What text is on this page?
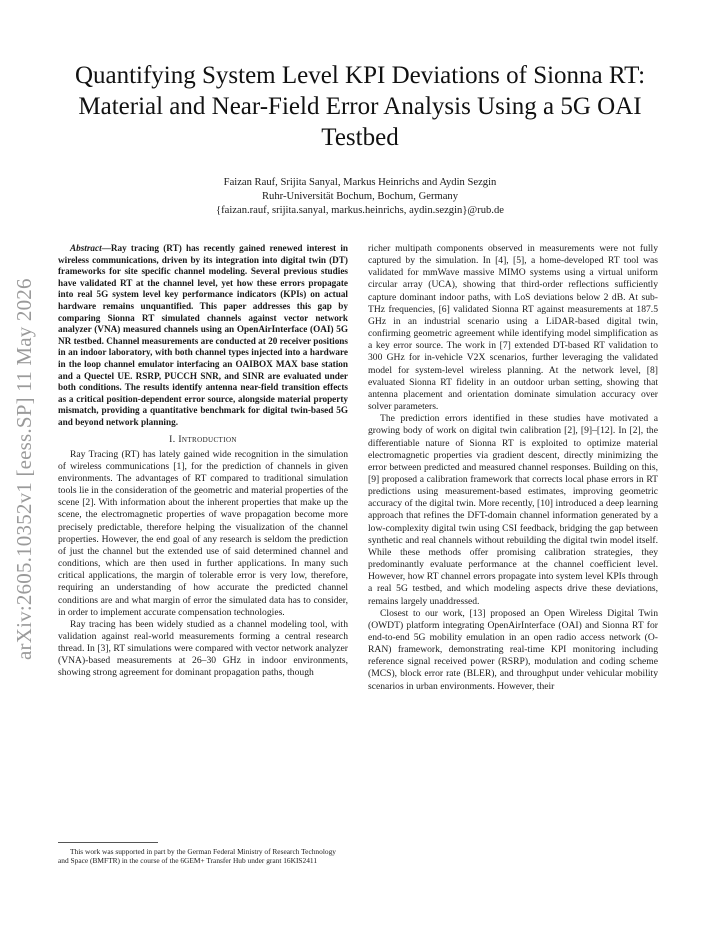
Quantifying System Level KPI Deviations of Sionna RT: Material and Near-Field Error Analysis Using a 5G OAI Testbed
Faizan Rauf, Srijita Sanyal, Markus Heinrichs and Aydin Sezgin
Ruhr-Universität Bochum, Bochum, Germany
{faizan.rauf, srijita.sanyal, markus.heinrichs, aydin.sezgin}@rub.de
arXiv:2605.10352v1 [eess.SP] 11 May 2026

Abstract—Ray tracing (RT) has recently gained renewed interest in wireless communications, driven by its integration into digital twin (DT) frameworks for site specific channel modeling. Several previous studies have validated RT at the channel level, yet how these errors propagate into real 5G system level key performance indicators (KPIs) on actual hardware remains unquantified. This paper addresses this gap by comparing Sionna RT simulated channels against vector network analyzer (VNA) measured channels using an OpenAirInterface (OAI) 5G NR testbed. Channel measurements are conducted at 20 receiver positions in an indoor laboratory, with both channel types injected into a hardware in the loop channel emulator interfacing an OAIBOX MAX base station and a Quectel UE. RSRP, PUCCH SNR, and SINR are evaluated under both conditions. The results identify antenna near-field transition effects as a critical position-dependent error source, alongside material property mismatch, providing a quantitative benchmark for digital twin-based 5G and beyond network planning.

I. Introduction

Ray Tracing (RT) has lately gained wide recognition in the simulation of wireless communications [1], for the prediction of channels in given environments. The advantages of RT compared to traditional simulation tools lie in the consideration of the geometric and material properties of the scene [2]. With information about the inherent properties that make up the scene, the electromagnetic properties of wave propagation become more precisely predictable, therefore helping the visualization of the channel properties. However, the end goal of any research is seldom the prediction of just the channel but the extended use of said determined channel and conditions, which are then used in further applications. In many such critical applications, the margin of tolerable error is very low, therefore, requiring an understanding of how accurate the predicted channel conditions are and what margin of error the simulated data has to consider, in order to implement accurate compensation technologies.

Ray tracing has been widely studied as a channel modeling tool, with validation against real-world measurements forming a central research thread. In [3], RT simulations were compared with vector network analyzer (VNA)-based measurements at 26–30 GHz in indoor environments, showing strong agreement for dominant propagation paths, though

richer multipath components observed in measurements were not fully captured by the simulation. In [4], [5], a home-developed RT tool was validated for mmWave massive MIMO systems using a virtual uniform circular array (UCA), showing that third-order reflections sufficiently capture dominant indoor paths, with LoS deviations below 2 dB. At sub-THz frequencies, [6] validated Sionna RT against measurements at 187.5 GHz in an industrial scenario using a LiDAR-based digital twin, confirming geometric agreement while identifying model simplification as a key error source. The work in [7] extended DT-based RT validation to 300 GHz for in-vehicle V2X scenarios, further leveraging the validated model for system-level wireless planning. At the network level, [8] evaluated Sionna RT fidelity in an outdoor urban setting, showing that antenna placement and orientation dominate simulation accuracy over solver parameters.

The prediction errors identified in these studies have motivated a growing body of work on digital twin calibration [2], [9]–[12]. In [2], the differentiable nature of Sionna RT is exploited to optimize material electromagnetic properties via gradient descent, directly minimizing the error between predicted and measured channel responses. Building on this, [9] proposed a calibration framework that corrects local phase errors in RT predictions using measurement-based estimates, improving geometric accuracy of the digital twin. More recently, [10] introduced a deep learning approach that refines the DFT-domain channel information generated by a low-complexity digital twin using CSI feedback, bridging the gap between synthetic and real channels without rebuilding the digital twin model itself. While these methods offer promising calibration strategies, they predominantly evaluate performance at the channel coefficient level. However, how RT channel errors propagate into system level KPIs through a real 5G testbed, and which modeling aspects drive these deviations, remains largely unaddressed.

Closest to our work, [13] proposed an Open Wireless Digital Twin (OWDT) platform integrating OpenAirInterface (OAI) and Sionna RT for end-to-end 5G mobility emulation in an open radio access network (O-RAN) framework, demonstrating real-time KPI monitoring including reference signal received power (RSRP), modulation and coding scheme (MCS), block error rate (BLER), and throughput under vehicular mobility scenarios in urban environments. However, their

This work was supported in part by the German Federal Ministry of Research Technology and Space (BMFTR) in the course of the 6GEM+ Transfer Hub under grant 16KIS2411
